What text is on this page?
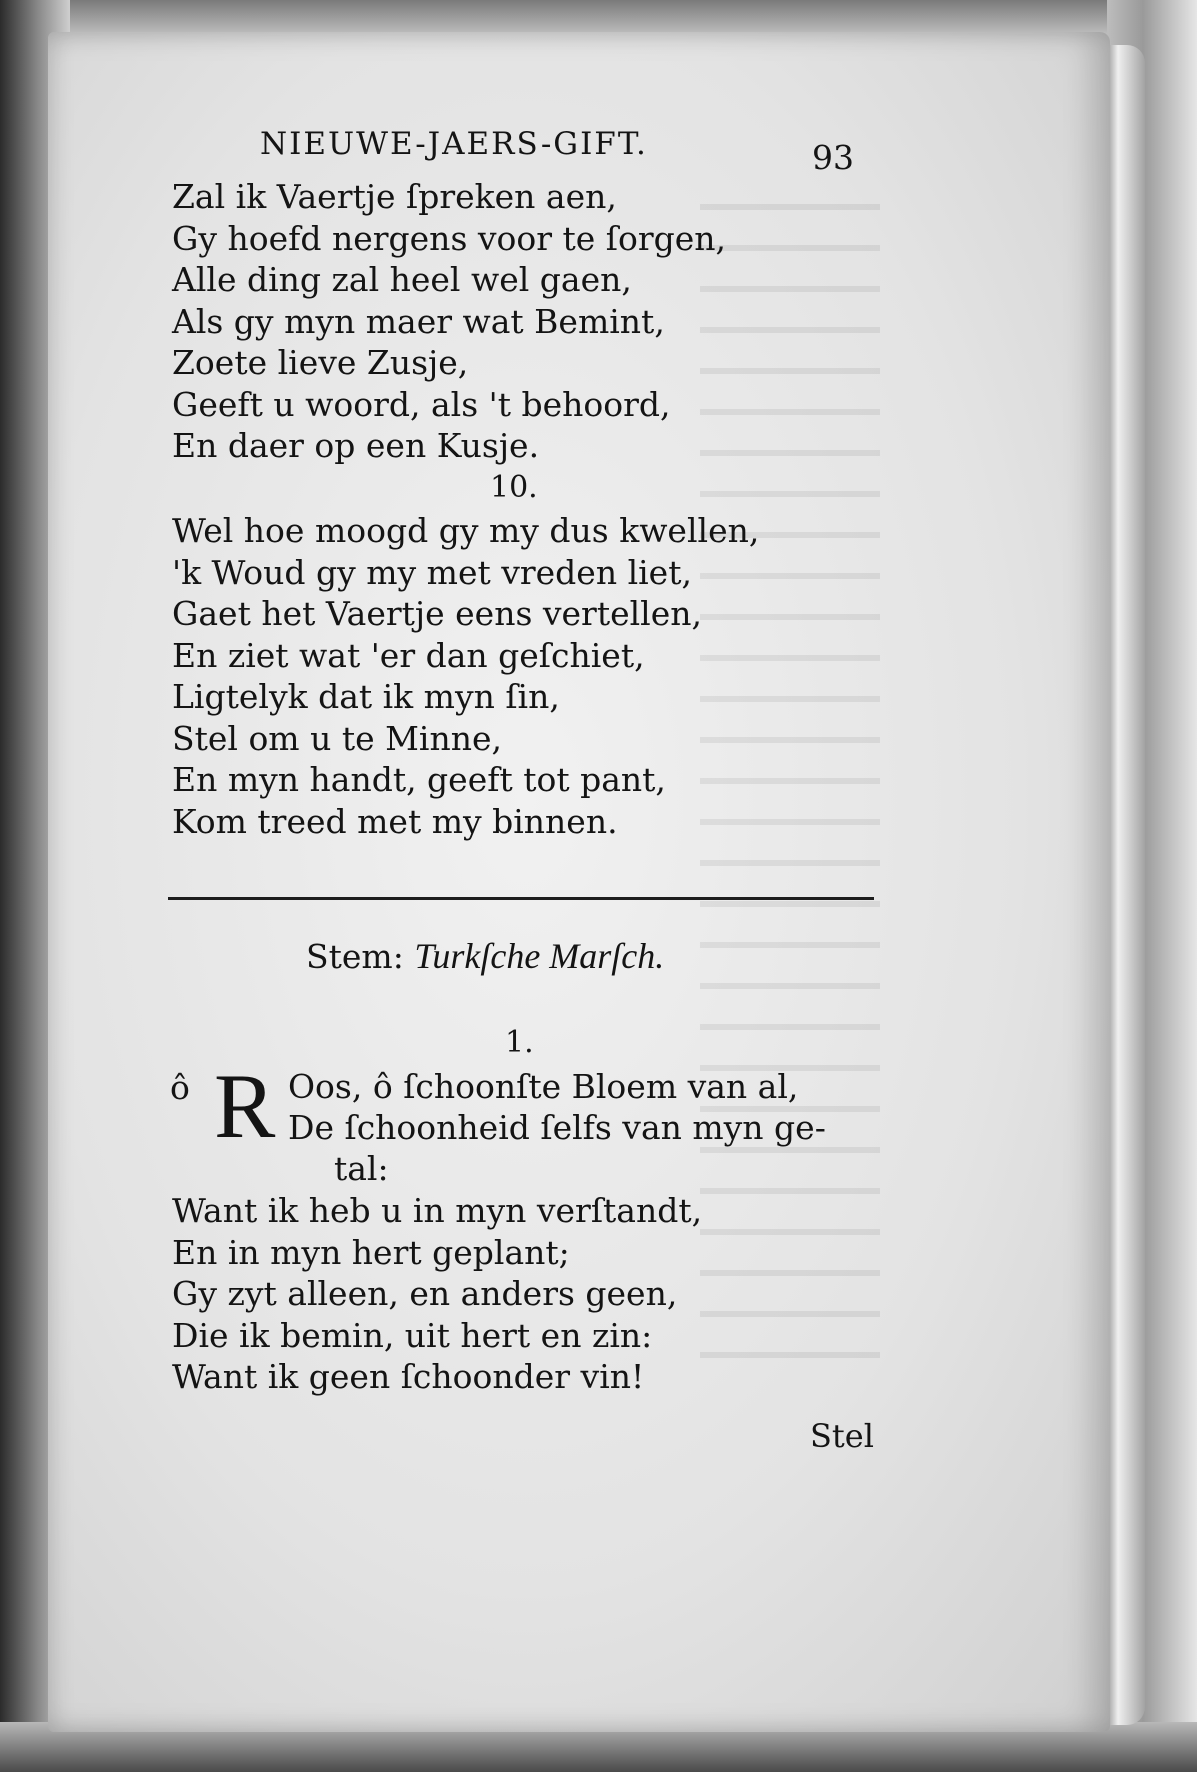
NIEUWE-JAERS-GIFT.	93
Zal ik Vaertje ſpreken aen,
Gy hoefd nergens voor te ſorgen,
Alle ding zal heel wel gaen,
Als gy myn maer wat Bemint,
Zoete lieve Zusje,
Geeft u woord, als 't behoord,
En daer op een Kusje.
10.
Wel hoe moogd gy my dus kwellen,
'k Woud gy my met vreden liet,
Gaet het Vaertje eens vertellen,
En ziet wat 'er dan geſchiet,
Ligtelyk dat ik myn ſin,
Stel om u te Minne,
En myn handt, geeft tot pant,
Kom treed met my binnen.
Stem: Turkſche Marſch.
1.
ô R Oos, ô ſchoonſte Bloem van al,
De ſchoonheid ſelfs van myn ge-
tal:
Want ik heb u in myn verſtandt,
En in myn hert geplant;
Gy zyt alleen, en anders geen,
Die ik bemin, uit hert en zin:
Want ik geen ſchoonder vin!
Stel
